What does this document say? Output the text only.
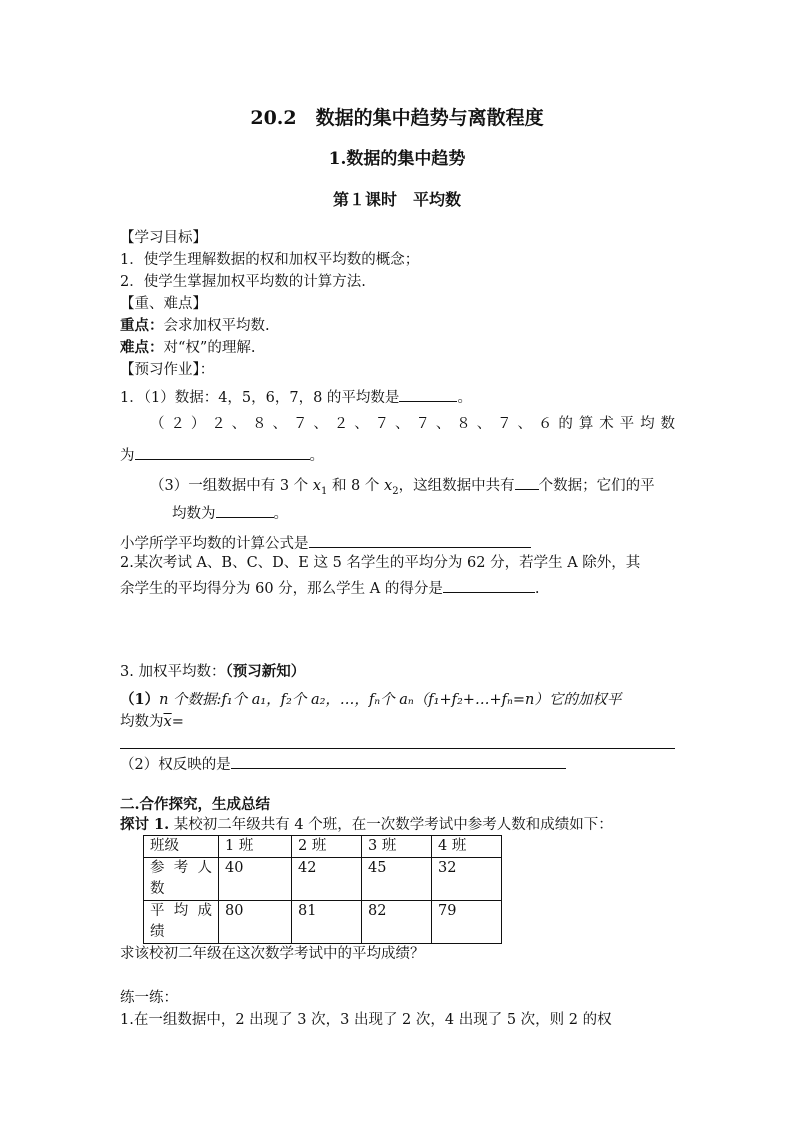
20.2　数据的集中趋势与离散程度
1.数据的集中趋势
第１课时　平均数
【学习目标】
1．使学生理解数据的权和加权平均数的概念；
2．使学生掌握加权平均数的计算方法.
【重、难点】
重点：会求加权平均数.
难点：对“权”的理解.
【预习作业】：
1．（1）数据：4，5，6，7，8 的平均数是	。
（２）２、８、７、２、７、７、８、７、６的算术平均数
为	。
（3）一组数据中有 3 个 $x_1$ 和 8 个 $x_2$，这组数据中共有 个数据；它们的平
均数为	。
小学所学平均数的计算公式是
2.某次考试 A、B、C、D、E 这 5 名学生的平均分为 62 分，若学生 A 除外，其
余学生的平均得分为 60 分，那么学生 A 的得分是	.
3. 加权平均数：（预习新知）
（1）n 个数据:f₁个 a₁，f₂个 a₂，…，fₙ个 aₙ（f₁+f₂+…+fₙ=n）它的加权平
均数为$\overline{x}=$
（2）权反映的是
二.合作探究，生成总结
探讨 1. 某校初二年级共有 4 个班，在一次数学考试中参考人数和成绩如下：
班级	1 班	2 班	3 班	4 班

参考人
数	40	42	45	32

平均成
绩	80	81	82	79
求该校初二年级在这次数学考试中的平均成绩？
练一练：
1.在一组数据中，2 出现了 3 次，3 出现了 2 次，4 出现了 5 次，则 2 的权
